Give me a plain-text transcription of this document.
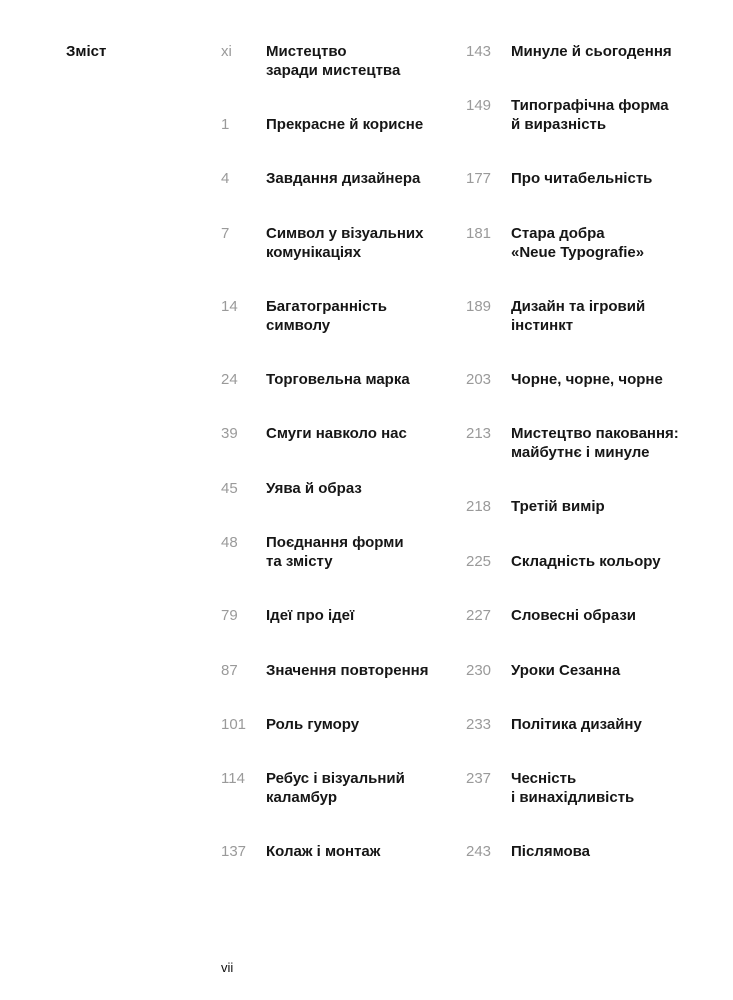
Зміст	xi Мистецтво
заради мистецтва
1 Прекрасне й корисне
4 Завдання дизайнера
7 Символ у візуальних
комунікаціях
14 Багатогранність
символу
24 Торговельна марка
39 Смуги навколо нас
45 Уява й образ
48 Поєднання форми
та змісту
79 Ідеї про ідеї
87 Значення повторення
101 Роль гумору
114 Ребус і візуальний
каламбур
137 Колаж і монтаж
143 Минуле й сьогодення
149 Типографічна форма
й виразність
177 Про читабельність
181 Стара добра
«Neue Typografie»
189 Дизайн та ігровий
інстинкт
203 Чорне, чорне, чорне
213 Мистецтво паковання:
майбутнє і минуле
218 Третій вимір
225 Складність кольору
227 Словесні образи
230 Уроки Сезанна
233 Політика дизайну
237 Чесність
і винахідливість
243 Післямова
vii
